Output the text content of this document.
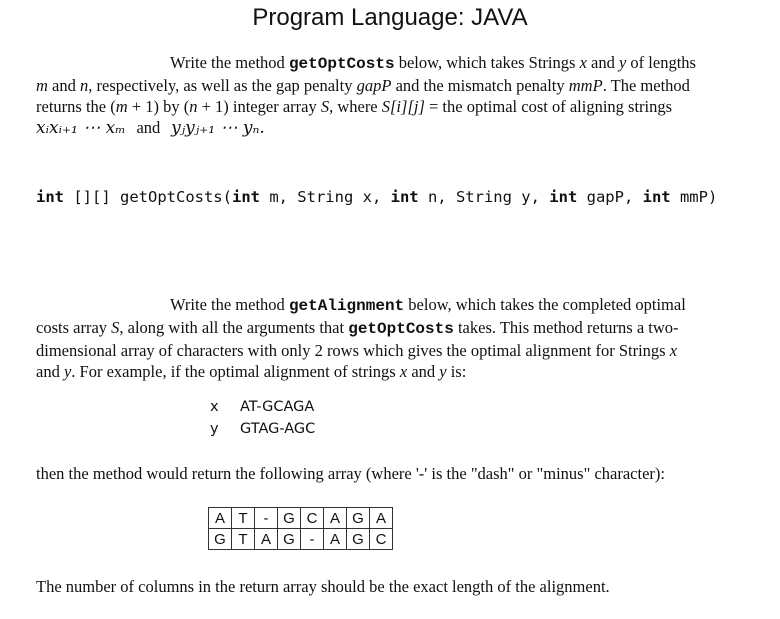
Program Language: JAVA
Write the method getOptCosts below, which takes Strings x and y of lengths
m and n, respectively, as well as the gap penalty gapP and the mismatch penalty mmP. The method
returns the (m + 1) by (n + 1) integer array S, where S[i][j] = the optimal cost of aligning strings
xᵢxᵢ₊₁ ⋯ xₘ and yⱼyⱼ₊₁ ⋯ yₙ.
int [][] getOptCosts(int m, String x, int n, String y, int gapP, int mmP)
Write the method getAlignment below, which takes the completed optimal
costs array S, along with all the arguments that getOptCosts takes. This method returns a two-
dimensional array of characters with only 2 rows which gives the optimal alignment for Strings x
and y. For example, if the optimal alignment of strings x and y is:
x AT-GCAGA
y GTAG-AGC
then the method would return the following array (where '-' is the "dash" or "minus" character):
A	T	-	G	C	A	G	A
G	T	A	G	-	A	G	C
The number of columns in the return array should be the exact length of the alignment.
